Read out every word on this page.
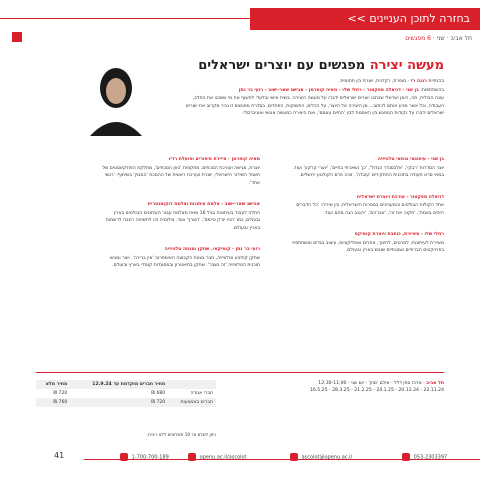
בחזרה לתוכן העניינים >>
תל אביב · שני · 6 מפגשים
מעשה יצירה מפגשים עם יוצרים ישראלים

בהנחיית רננה רז - סופרת, רקדנית, יוצרת בין תחומית.

בהשתתפות: בן שני - דניאלה ספקטור - רחלי שלו - מאיה קופרמן - אבישג שאר-ישוב - רועי בר נתן

עוגה הבילית, תה, רומן ישראלי שכתבו יוצרים ישראלים ידברו על מעשה היצירה. בשיח אישי ובלעדי לחשוף את מי ששכנו את החלב, העבודה, וכל אשר מניע אותם לכתוב... מן היצירה אל היוצר, על הכלים, התשוקות, הפחדים. בסדרת מפגשים זו נכיר מקרוב את יוצרים ישראלים ידברו על נקודות המפגש בין האמנות לבין 'החיים עצמם', ואת היצירה כמעשה אנושי ואוניברסלי.

בן שני - עיתונאי ובמאי טלוויזיה
יוצר הסדרות 'רבקי', 'אלכסנדר הגדול', 'כך נשארתי בחיים', 'יוצרי קרקע' ועוד. במאי סרט תעודה בתוכנית התחקירים 'עובדה', זוכה פרס הקולנוע ירושלים.
דניאלה ספקטור - עורכת ויוצרת ישראלית
אחד הקולות הבולטים והמעניינים בספרות הישראלית, בין שיריה: 'כל הדברים היפים באמת', 'תקוה את זה', 'אברהם', 'יהגנב הגה מהם ועוד.
רחלי שלו - מאיירת, כותבת ויוצרת קומיקס
מאיירת לעיתונות, לסרטים, לחינוך, אתרים ואפליקציות, עיצוב בגדים ומשתתפת בפרויקטים חברתיים אמנותיים שונים בארץ ובעולם.
מאיה קופרמן - צייירת סיפורים ופועלת רדיו
יוצרת, מגישה ועורכת הסכתים. מתקופת 'כאן הסכתים', מחלקת הפודקאסטים של תאגיד השידור הישראלי, יוצרת ועורכת ראשית של ההסכת 'המגזין' בשיתוף: 'רגשי אחד'.
אבישג שאר-ישוב - צלמת עיתונות וצלמת דוקומנטרית
החלה לעבוד בעיתונות בגיל 16 ומאז מצלמת עבור העיתונים הבולטים בארץ ובעולם, כמו 'הניו יורק טיימס', 'הארץ' ועוד. צילומיה זכו לחשיפה רחבה לרשתות בארץ ובעולם.
רועי בר נתן - קומיקאי, שחקן ומנחה טלוויזיה
שחקן קולנוע וטלוויזיה, חבר בצוות הקבוצה האימפרוב 'אין ברירה'. יוצר ומגיש תוכנית הטלוויזיה 'זה נשבר'. שחקן בתיאטרון ובמסעדות קומדי בארץ ובעולם.
תל אביב - מרכז סוזן דלל - אולם 'סוזן' - יום שני - 12:30-11:00
22.11.24 - 20.12.24 - 24.1.25 - 21.2.25 - 28.3.25 - 16.5.25
	מחיר חברים מוקדמת עד 12.9.24	מחיר מלא
חברי אגודה	680 ₪	720 ₪
חברים באמצעות	720 ₪	760 ₪
ניתן לשלם עד 10 תשלומים ללא ריבית.
41	1-700-700-189	openu.ac.il/ascolot	ascolot@openu.ac.il	053-2303397
